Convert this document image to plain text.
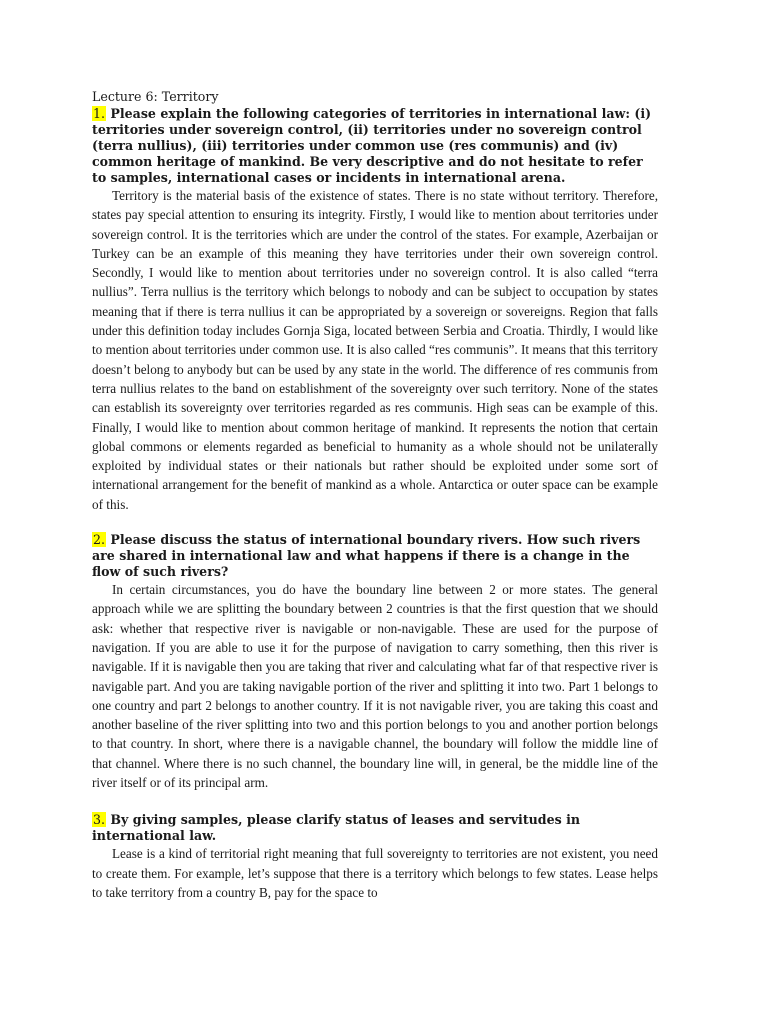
Lecture 6: Territory

1. Please explain the following categories of territories in international law: (i) territories under sovereign control, (ii) territories under no sovereign control (terra nullius), (iii) territories under common use (res communis) and (iv) common heritage of mankind. Be very descriptive and do not hesitate to refer to samples, international cases or incidents in international arena.

Territory is the material basis of the existence of states. There is no state without territory. Therefore, states pay special attention to ensuring its integrity. Firstly, I would like to mention about territories under sovereign control. It is the territories which are under the control of the states. For example, Azerbaijan or Turkey can be an example of this meaning they have territories under their own sovereign control. Secondly, I would like to mention about territories under no sovereign control. It is also called “terra nullius”. Terra nullius is the territory which belongs to nobody and can be subject to occupation by states meaning that if there is terra nullius it can be appropriated by a sovereign or sovereigns. Region that falls under this definition today includes Gornja Siga, located between Serbia and Croatia. Thirdly, I would like to mention about territories under common use. It is also called “res communis”. It means that this territory doesn’t belong to anybody but can be used by any state in the world. The difference of res communis from terra nullius relates to the band on establishment of the sovereignty over such territory. None of the states can establish its sovereignty over territories regarded as res communis. High seas can be example of this. Finally, I would like to mention about common heritage of mankind. It represents the notion that certain global commons or elements regarded as beneficial to humanity as a whole should not be unilaterally exploited by individual states or their nationals but rather should be exploited under some sort of international arrangement for the benefit of mankind as a whole. Antarctica or outer space can be example of this.

2. Please discuss the status of international boundary rivers. How such rivers are shared in international law and what happens if there is a change in the flow of such rivers?

In certain circumstances, you do have the boundary line between 2 or more states. The general approach while we are splitting the boundary between 2 countries is that the first question that we should ask: whether that respective river is navigable or non-navigable. These are used for the purpose of navigation. If you are able to use it for the purpose of navigation to carry something, then this river is navigable. If it is navigable then you are taking that river and calculating what far of that respective river is navigable part. And you are taking navigable portion of the river and splitting it into two. Part 1 belongs to one country and part 2 belongs to another country. If it is not navigable river, you are taking this coast and another baseline of the river splitting into two and this portion belongs to you and another portion belongs to that country. In short, where there is a navigable channel, the boundary will follow the middle line of that channel. Where there is no such channel, the boundary line will, in general, be the middle line of the river itself or of its principal arm.

3. By giving samples, please clarify status of leases and servitudes in international law.

Lease is a kind of territorial right meaning that full sovereignty to territories are not existent, you need to create them. For example, let’s suppose that there is a territory which belongs to few states. Lease helps to take territory from a country B, pay for the space to
